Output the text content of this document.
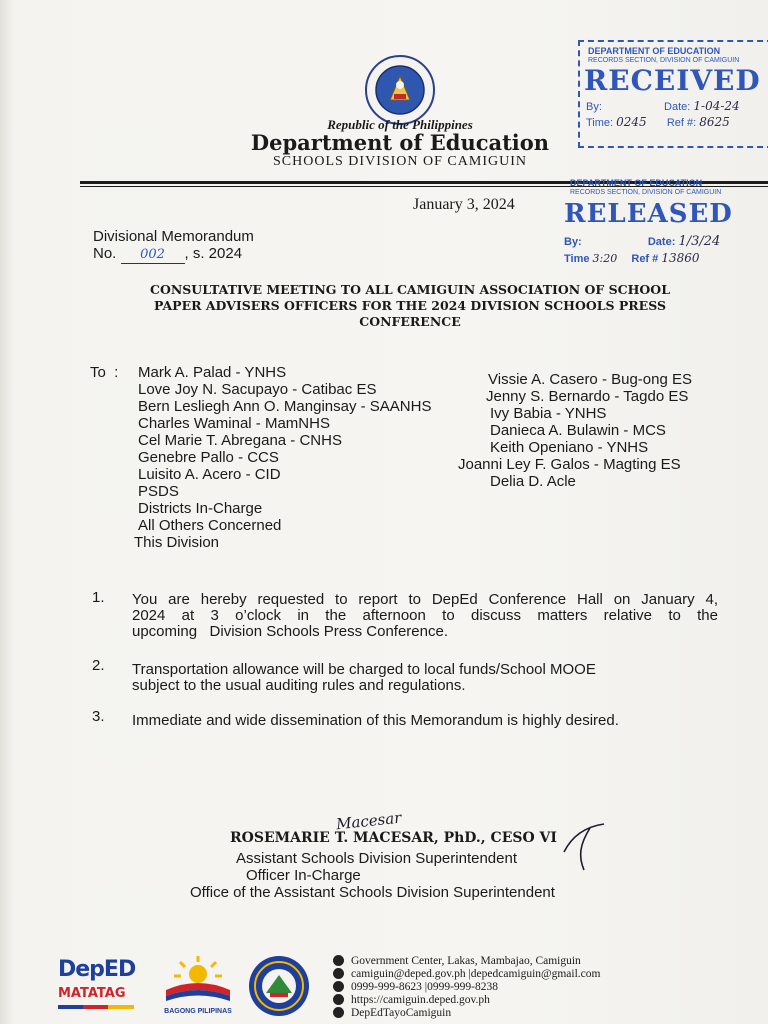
Republic of the Philippines
Department of Education
SCHOOLS DIVISION OF CAMIGUIN
DEPARTMENT OF EDUCATION
RECORDS SECTION, DIVISION OF CAMIGUIN
RECEIVED
By:	Date: 1-04-24
Time: 0245 Ref #: 8625
DEPARTMENT OF EDUCATION
RECORDS SECTION, DIVISION OF CAMIGUIN
RELEASED
By:	Date: 1/3/24
Time 3:20 Ref # 13860
January 3, 2024
Divisional Memorandum
No. 002 , s. 2024
CONSULTATIVE MEETING TO ALL CAMIGUIN ASSOCIATION OF SCHOOL
PAPER ADVISERS OFFICERS FOR THE 2024 DIVISION SCHOOLS PRESS
CONFERENCE
To  : Mark A. Palad - YNHS
Love Joy N. Sacupayo - Catibac ES
Bern Lesliegh Ann O. Manginsay - SAANHS
Charles Waminal - MamNHS
Cel Marie T. Abregana - CNHS
Genebre Pallo - CCS
Luisito A. Acero - CID
PSDS
Districts In-Charge
All Others Concerned
This Division
Vissie A. Casero - Bug-ong ES
Jenny S. Bernardo - Tagdo ES
Ivy Babia - YNHS
Danieca A. Bulawin - MCS
Keith Openiano - YNHS
Joanni Ley F. Galos - Magting ES
Delia D. Acle
1. You are hereby requested to report to DepEd Conference Hall on January 4,
2024 at 3 o’clock in the afternoon to discuss matters relative to the
upcoming   Division Schools Press Conference.
2. Transportation allowance will be charged to local funds/School MOOE
subject to the usual auditing rules and regulations.
3. Immediate and wide dissemination of this Memorandum is highly desired.
Macesar
ROSEMARIE T. MACESAR, PhD., CESO VI
Assistant Schools Division Superintendent
Officer In-Charge
Office of the Assistant Schools Division Superintendent
DepED
MATATAG
BAGONG PILIPINAS
Government Center, Lakas, Mambajao, Camiguin
camiguin@deped.gov.ph |depedcamiguin@gmail.com
0999-999-8623 |0999-999-8238
https://camiguin.deped.gov.ph
DepEdTayoCamiguin
